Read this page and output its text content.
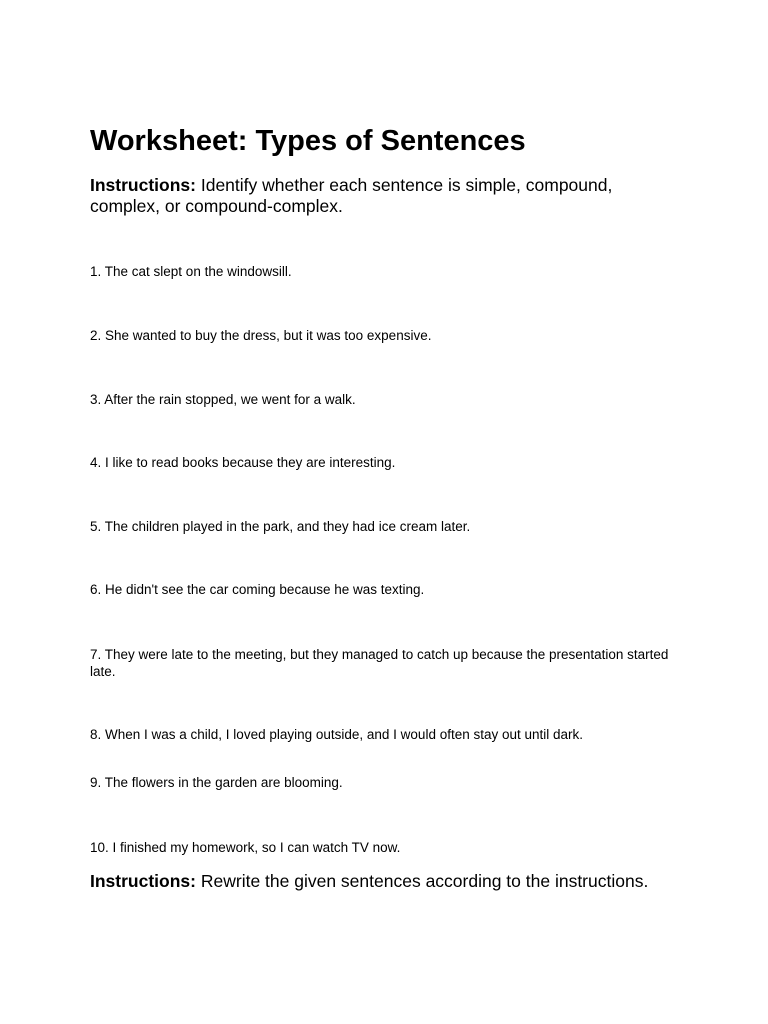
Worksheet: Types of Sentences

Instructions: Identify whether each sentence is simple, compound, complex, or compound-complex.

1. The cat slept on the windowsill.

2. She wanted to buy the dress, but it was too expensive.

3. After the rain stopped, we went for a walk.

4. I like to read books because they are interesting.

5. The children played in the park, and they had ice cream later.

6. He didn't see the car coming because he was texting.

7. They were late to the meeting, but they managed to catch up because the presentation started late.

8. When I was a child, I loved playing outside, and I would often stay out until dark.

9. The flowers in the garden are blooming.

10. I finished my homework, so I can watch TV now.

Instructions: Rewrite the given sentences according to the instructions.
